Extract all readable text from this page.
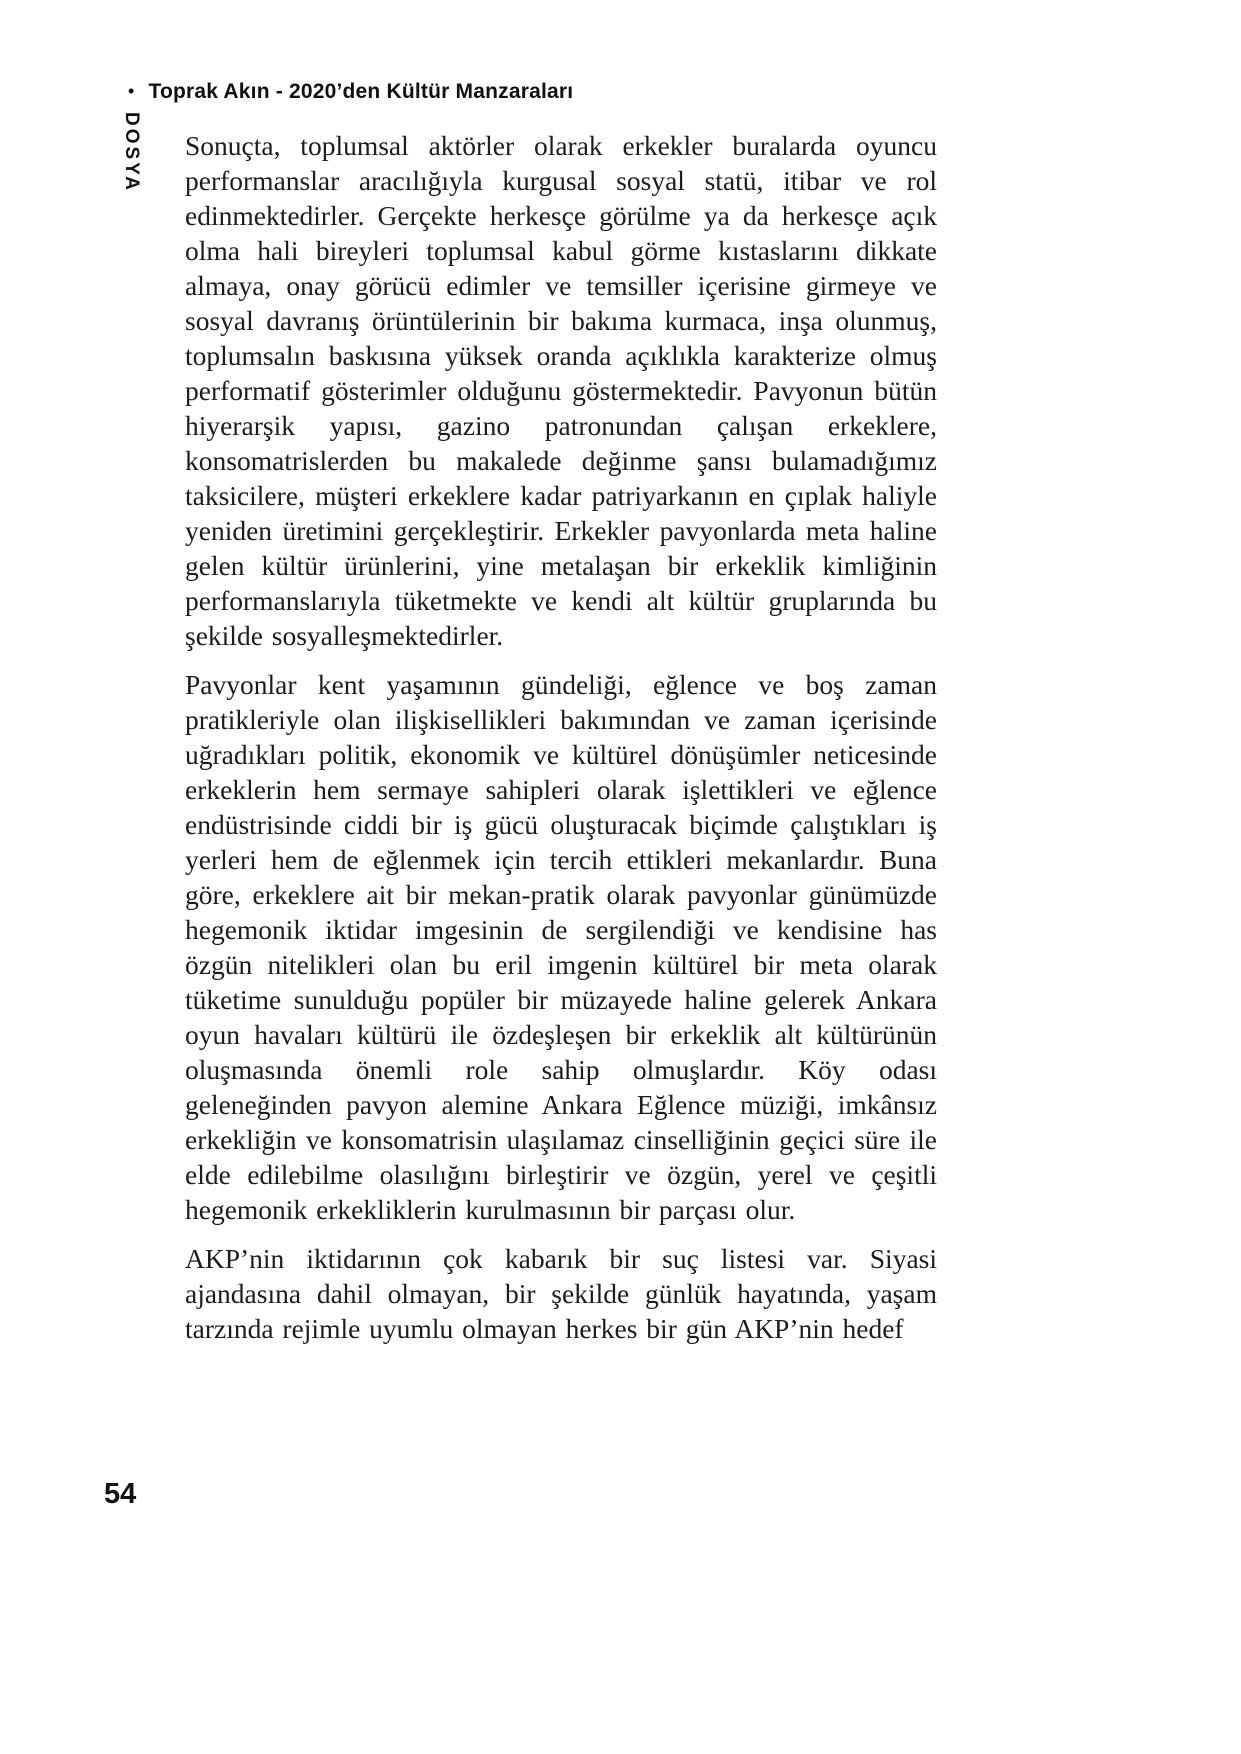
• Toprak Akın - 2020’den Kültür Manzaraları
DOSYA Sonuçta, toplumsal aktörler olarak erkekler buralarda oyuncu performanslar aracılığıyla kurgusal sosyal statü, itibar ve rol edinmektedirler. Gerçekte herkesçe görülme ya da herkesçe açık olma hali bireyleri toplumsal kabul görme kıstaslarını dikkate almaya, onay görücü edimler ve temsiller içerisine girmeye ve sosyal davranış örüntülerinin bir bakıma kurmaca, inşa olunmuş, toplumsalın baskısına yüksek oranda açıklıkla karakterize olmuş performatif gösterimler olduğunu göstermektedir. Pavyonun bütün hiyerarşik yapısı, gazino patronundan çalışan erkeklere, konsomatrislerden bu makalede değinme şansı bulamadığımız taksicilere, müşteri erkeklere kadar patriyarkanın en çıplak haliyle yeniden üretimini gerçekleştirir. Erkekler pavyonlarda meta haline gelen kültür ürünlerini, yine metalaşan bir erkeklik kimliğinin performanslarıyla tüketmekte ve kendi alt kültür gruplarında bu şekilde sosyalleşmektedirler.

Pavyonlar kent yaşamının gündeliği, eğlence ve boş zaman pratikleriyle olan ilişkisellikleri bakımından ve zaman içerisinde uğradıkları politik, ekonomik ve kültürel dönüşümler neticesinde erkeklerin hem sermaye sahipleri olarak işlettikleri ve eğlence endüstrisinde ciddi bir iş gücü oluşturacak biçimde çalıştıkları iş yerleri hem de eğlenmek için tercih ettikleri mekanlardır. Buna göre, erkeklere ait bir mekan-pratik olarak pavyonlar günümüzde hegemonik iktidar imgesinin de sergilendiği ve kendisine has özgün nitelikleri olan bu eril imgenin kültürel bir meta olarak tüketime sunulduğu popüler bir müzayede haline gelerek Ankara oyun havaları kültürü ile özdeşleşen bir erkeklik alt kültürünün oluşmasında önemli role sahip olmuşlardır. Köy odası geleneğinden pavyon alemine Ankara Eğlence müziği, imkânsız erkekliğin ve konsomatrisin ulaşılamaz cinselliğinin geçici süre ile elde edilebilme olasılığını birleştirir ve özgün, yerel ve çeşitli hegemonik erkekliklerin kurulmasının bir parçası olur.

AKP’nin iktidarının çok kabarık bir suç listesi var. Siyasi ajandasına dahil olmayan, bir şekilde günlük hayatında, yaşam tarzında rejimle uyumlu olmayan herkes bir gün AKP’nin hedef

54
